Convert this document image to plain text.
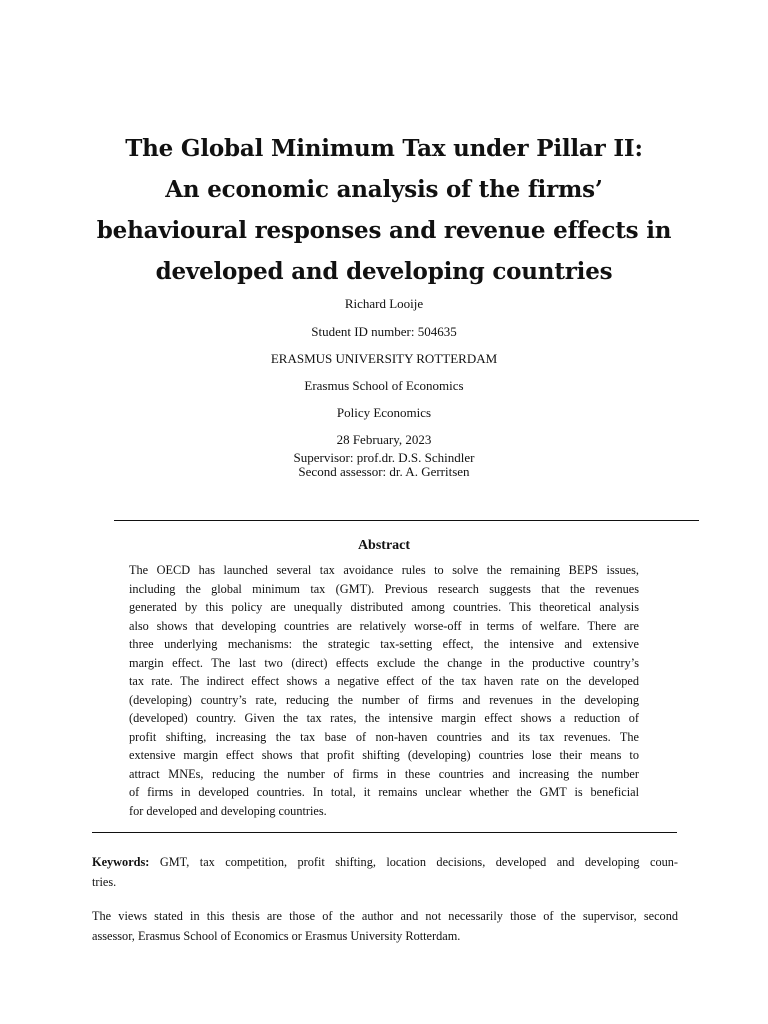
The Global Minimum Tax under Pillar II:
An economic analysis of the firms’
behavioural responses and revenue effects in
developed and developing countries
Richard Looije
Student ID number: 504635
ERASMUS UNIVERSITY ROTTERDAM
Erasmus School of Economics
Policy Economics
28 February, 2023
Supervisor: prof.dr. D.S. Schindler
Second assessor: dr. A. Gerritsen
Abstract
The OECD has launched several tax avoidance rules to solve the remaining BEPS issues,
including the global minimum tax (GMT). Previous research suggests that the revenues
generated by this policy are unequally distributed among countries. This theoretical analysis
also shows that developing countries are relatively worse-off in terms of welfare. There are
three underlying mechanisms: the strategic tax-setting effect, the intensive and extensive
margin effect. The last two (direct) effects exclude the change in the productive country’s
tax rate. The indirect effect shows a negative effect of the tax haven rate on the developed
(developing) country’s rate, reducing the number of firms and revenues in the developing
(developed) country. Given the tax rates, the intensive margin effect shows a reduction of
profit shifting, increasing the tax base of non-haven countries and its tax revenues. The
extensive margin effect shows that profit shifting (developing) countries lose their means to
attract MNEs, reducing the number of firms in these countries and increasing the number
of firms in developed countries. In total, it remains unclear whether the GMT is beneficial
for developed and developing countries.
Keywords: GMT, tax competition, profit shifting, location decisions, developed and developing coun-
tries.
The views stated in this thesis are those of the author and not necessarily those of the supervisor, second
assessor, Erasmus School of Economics or Erasmus University Rotterdam.
